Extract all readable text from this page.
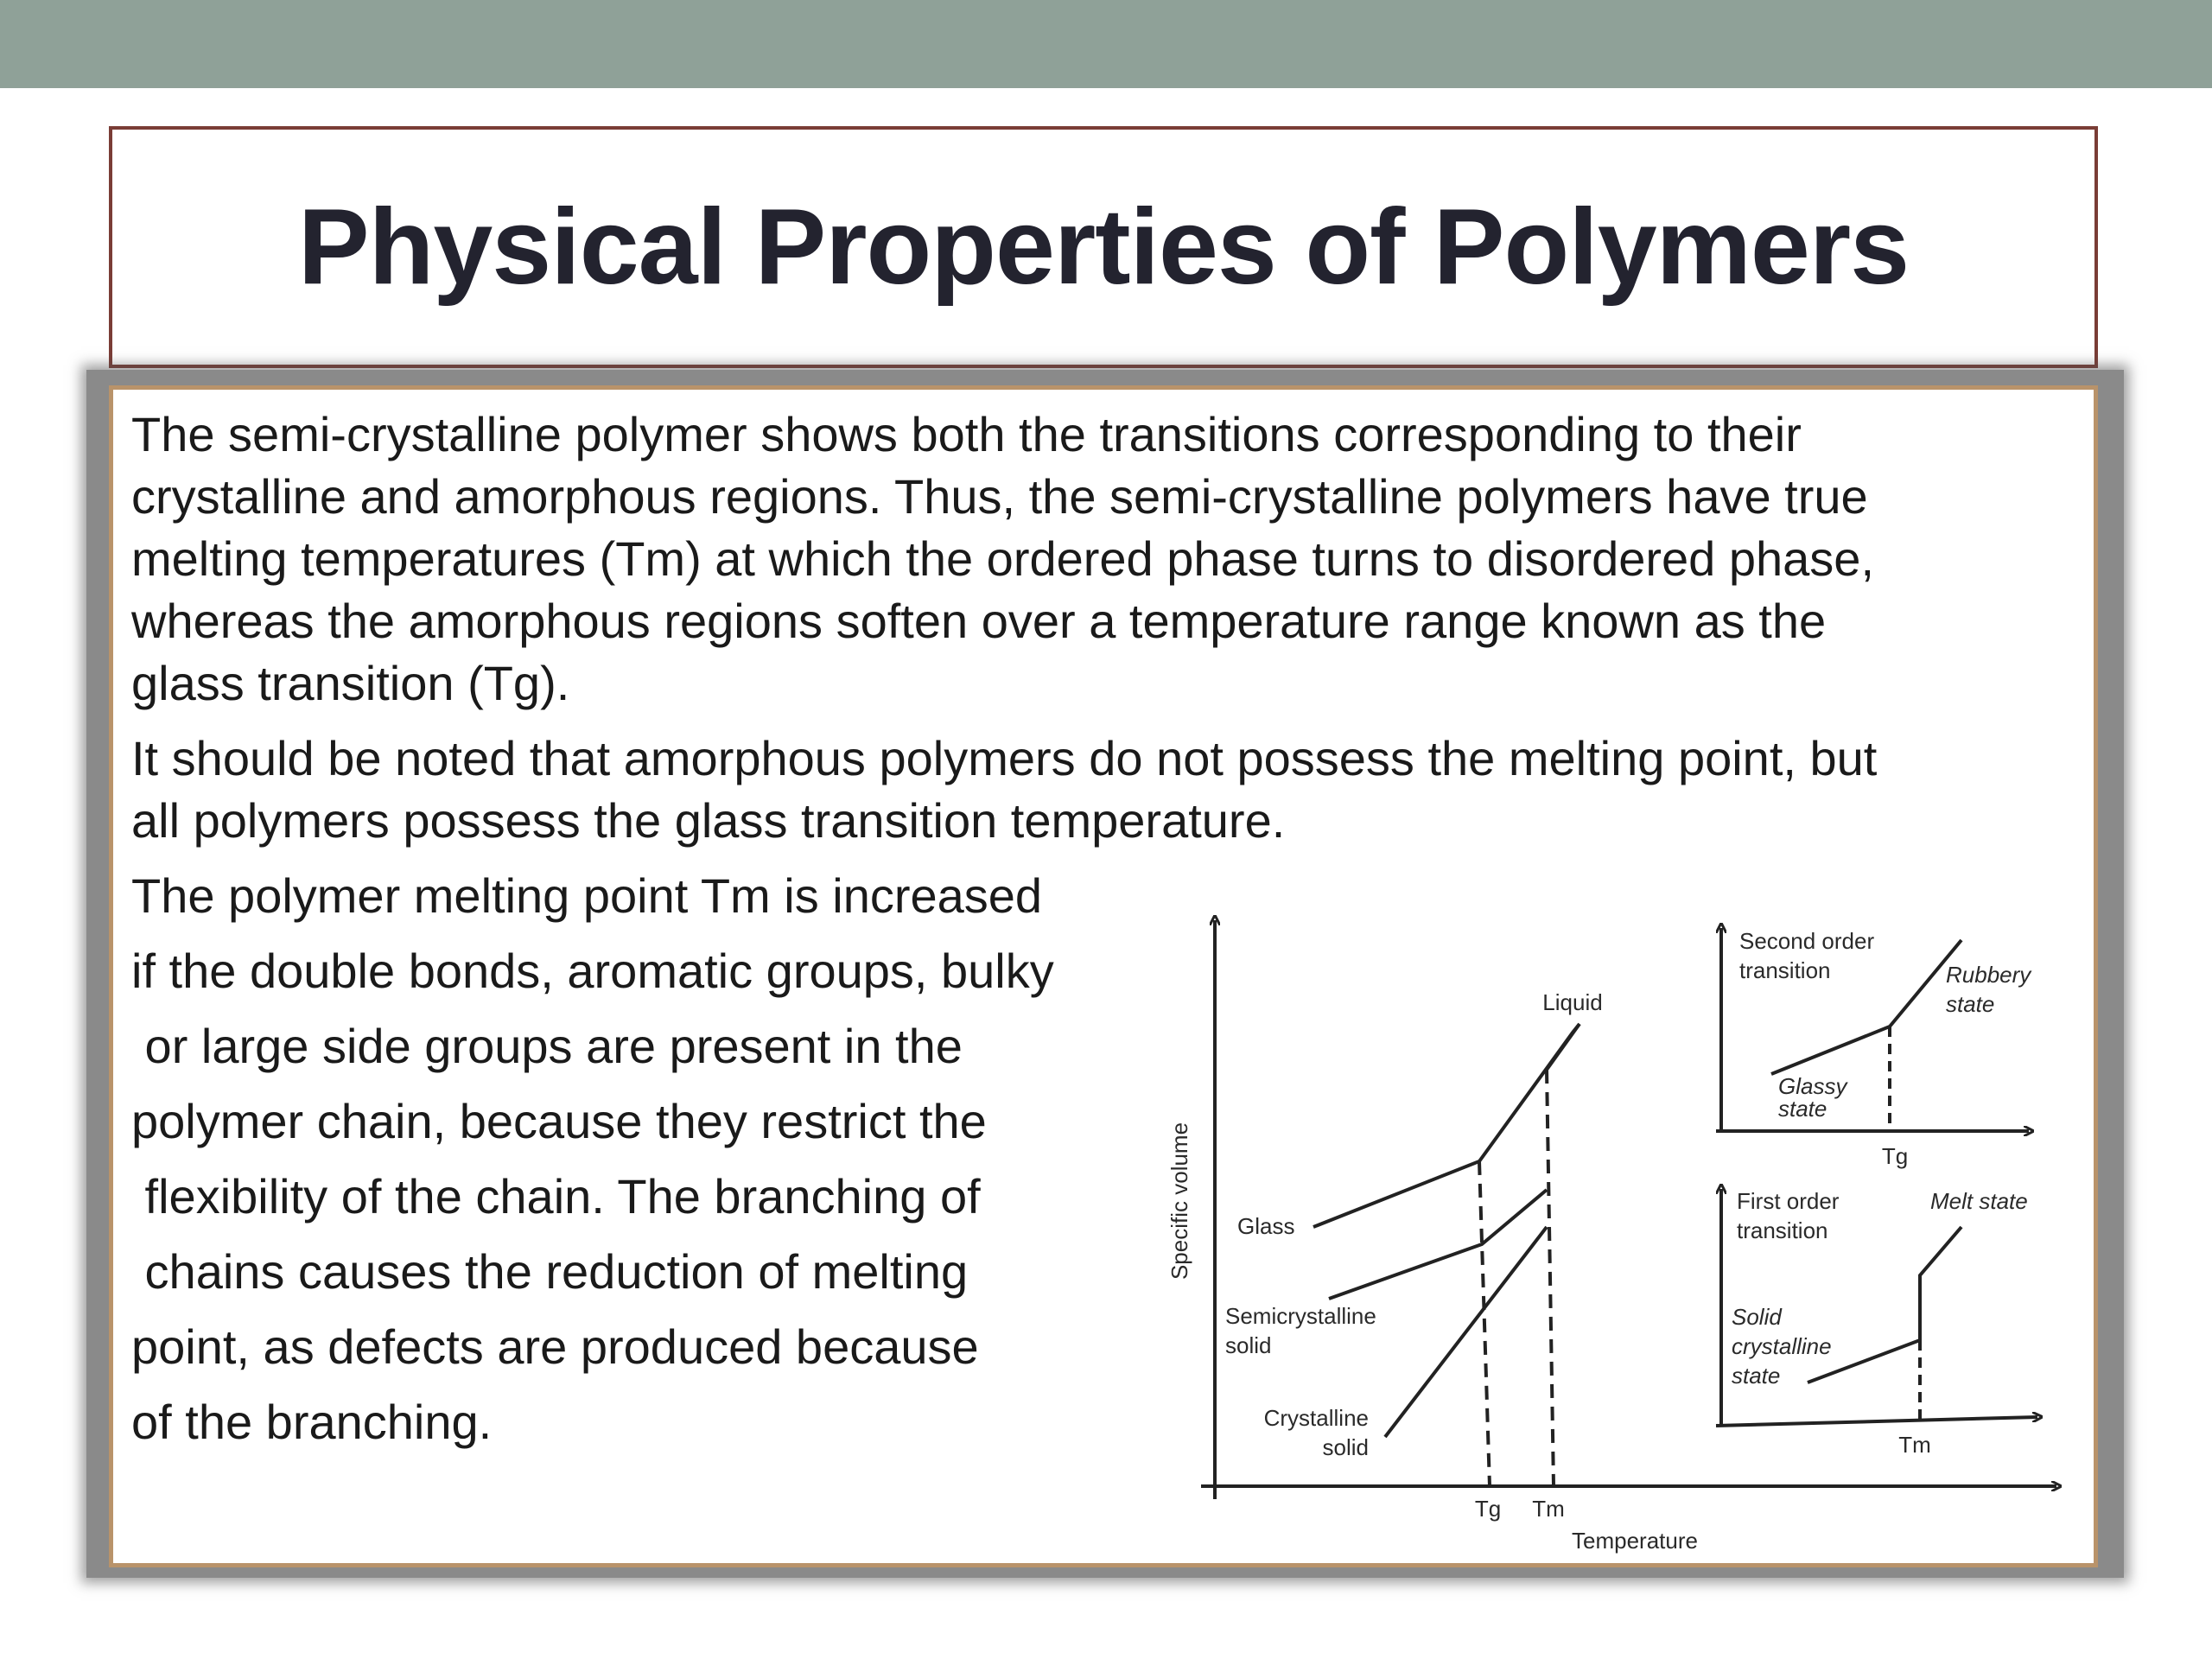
Physical Properties of Polymers
The semi-crystalline polymer shows both the transitions corresponding to their
crystalline and amorphous regions. Thus, the semi-crystalline polymers have true
melting temperatures (Tm) at which the ordered phase turns to disordered phase,
whereas the amorphous regions soften over a temperature range known as the
glass transition (Tg).
It should be noted that amorphous polymers do not possess the melting point, but
all polymers possess the glass transition temperature.
The polymer melting point Tm is increased
if the double bonds, aromatic groups, bulky
or large side groups are present in the
polymer chain, because they restrict the
flexibility of the chain. The branching of
chains causes the reduction of melting
point, as defects are produced because
of the branching.
Specific volume
Temperature
Tg Tm
Liquid
Glass
Semicrystalline
solid
Crystalline
solid
Second order
transition	Rubbery
state
Glassy
state
Tg
First order
transition
Melt state
Solid
crystalline
state
Tm
